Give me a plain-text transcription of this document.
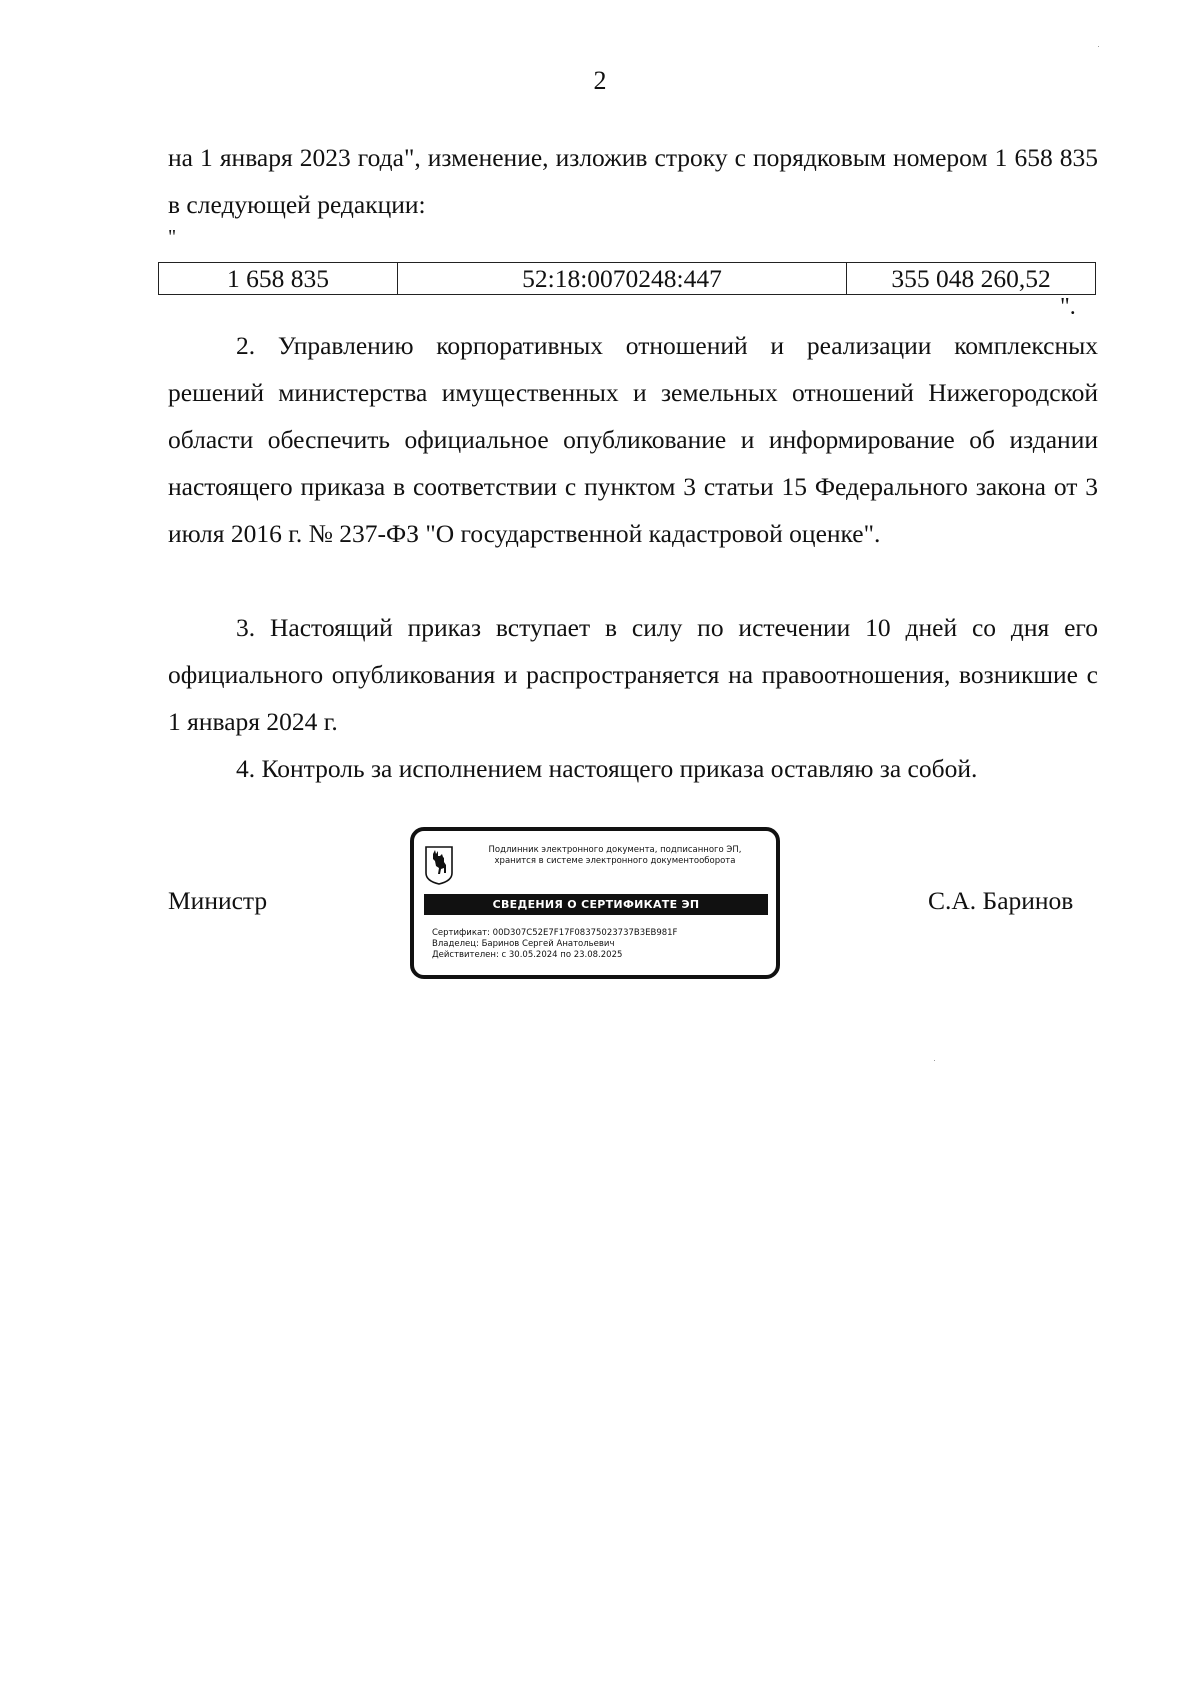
2

на 1 января 2023 года", изменение, изложив строку с порядковым номером 1 658 835 в следующей редакции:

"
1 658 835	52:18:0070248:447	355 048 260,52
".

2. Управлению корпоративных отношений и реализации комплексных решений министерства имущественных и земельных отношений Нижегородской области обеспечить официальное опубликование и информирование об издании настоящего приказа в соответствии с пунктом 3 статьи 15 Федерального закона от 3 июля 2016 г. № 237-ФЗ "О государственной кадастровой оценке".

3. Настоящий приказ вступает в силу по истечении 10 дней со дня его официального опубликования и распространяется на правоотношения, возникшие с 1 января 2024 г.

4. Контроль за исполнением настоящего приказа оставляю за собой.

Министр
Подлинник электронного документа, подписанного ЭП,
хранится в системе электронного документооборота
СВЕДЕНИЯ О СЕРТИФИКАТЕ ЭП
Сертификат: 00D307C52E7F17F08375023737B3EB981F
Владелец: Баринов Сергей Анатольевич
Действителен: с 30.05.2024 по 23.08.2025
С.А. Баринов
